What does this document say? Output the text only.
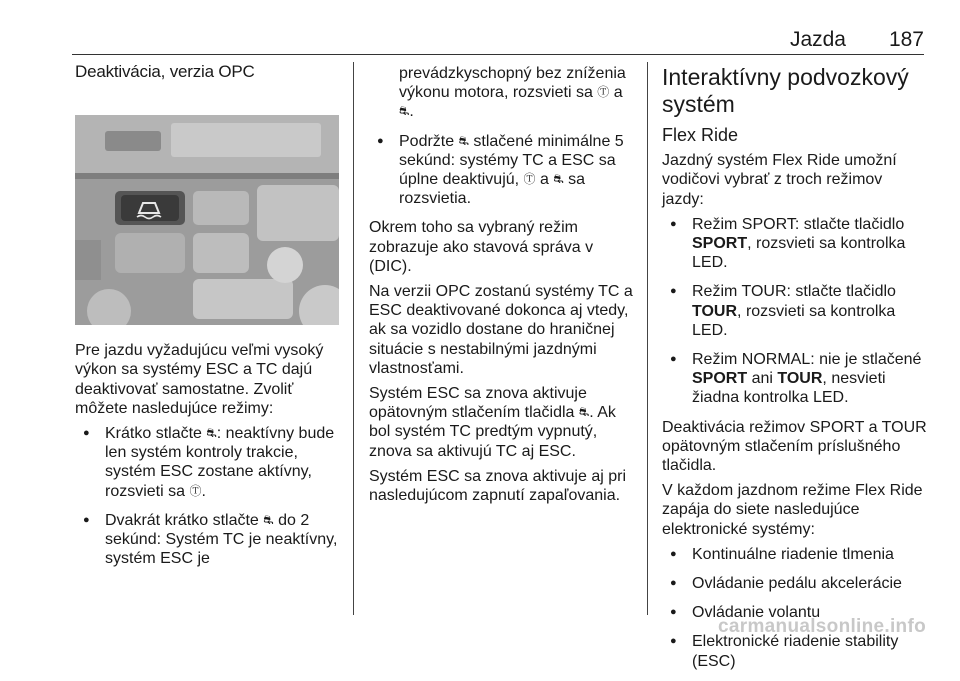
Jazda 187
Deaktivácia, verzia OPC

Pre jazdu vyžadujúcu veľmi vysoký výkon sa systémy ESC a TC dajú deaktivovať samostatne. Zvoliť môžete nasledujúce režimy:

● Krátko stlačte ⛐: neaktívny bude len systém kontroly trakcie, systém ESC zostane aktívny, rozsvieti sa Ⓣ.
● Dvakrát krátko stlačte ⛐ do 2 sekúnd: Systém TC je neaktívny, systém ESC je
prevádzkyschopný bez zníženia výkonu motora, rozsvieti sa Ⓣ a ⛐.
● Podržte ⛐ stlačené minimálne 5 sekúnd: systémy TC a ESC sa úplne deaktivujú, Ⓣ a ⛐ sa rozsvietia.

Okrem toho sa vybraný režim zobrazuje ako stavová správa v (DIC).

Na verzii OPC zostanú systémy TC a ESC deaktivované dokonca aj vtedy, ak sa vozidlo dostane do hraničnej situácie s nestabilnými jazdnými vlastnosťami.

Systém ESC sa znova aktivuje opätovným stlačením tlačidla ⛐. Ak bol systém TC predtým vypnutý, znova sa aktivujú TC aj ESC.

Systém ESC sa znova aktivuje aj pri nasledujúcom zapnutí zapaľovania.

Interaktívny podvozkový systém
Flex Ride

Jazdný systém Flex Ride umožní vodičovi vybrať z troch režimov jazdy:

● Režim SPORT: stlačte tlačidlo SPORT, rozsvieti sa kontrolka LED.
● Režim TOUR: stlačte tlačidlo TOUR, rozsvieti sa kontrolka LED.
● Režim NORMAL: nie je stlačené SPORT ani TOUR, nesvieti žiadna kontrolka LED.

Deaktivácia režimov SPORT a TOUR opätovným stlačením príslušného tlačidla.

V každom jazdnom režime Flex Ride zapája do siete nasledujúce elektronické systémy:

● Kontinuálne riadenie tlmenia
● Ovládanie pedálu akcelerácie
● Ovládanie volantu
● Elektronické riadenie stability (ESC)
carmanualsonline.info
